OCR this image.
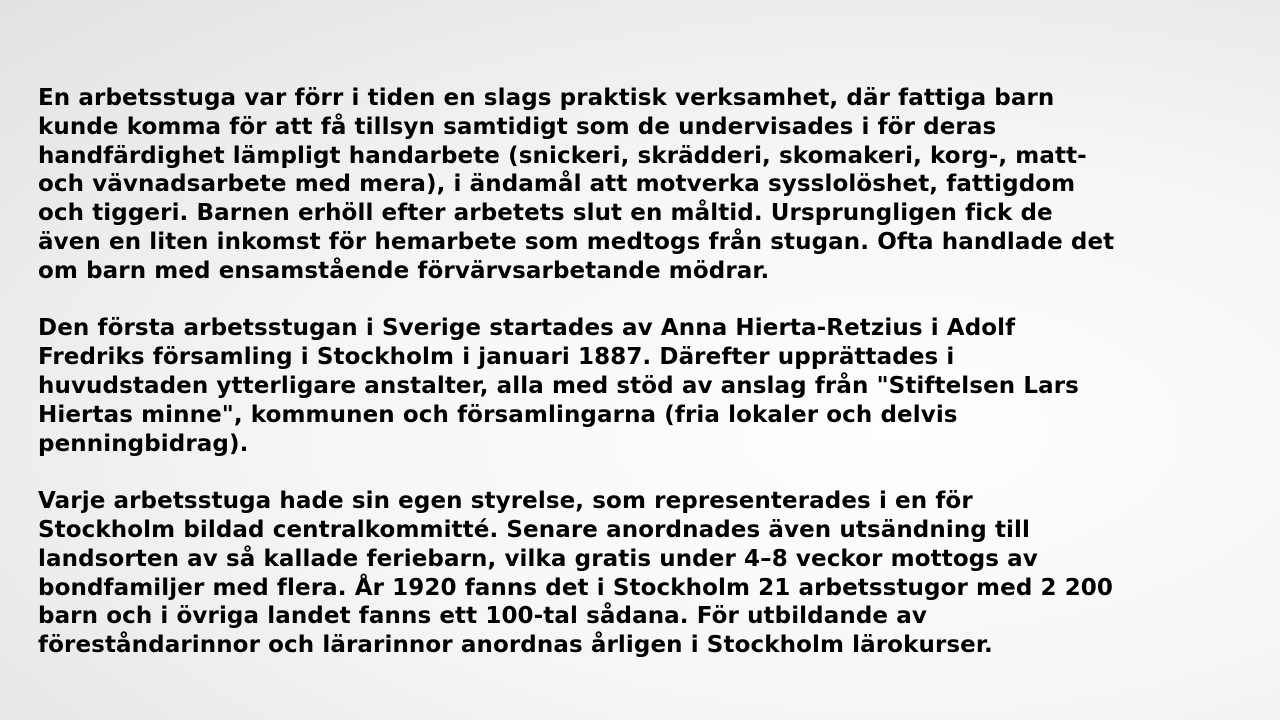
En arbetsstuga var förr i tiden en slags praktisk verksamhet, där fattiga barn
kunde komma för att få tillsyn samtidigt som de undervisades i för deras
handfärdighet lämpligt handarbete (snickeri, skrädderi, skomakeri, korg-, matt-
och vävnadsarbete med mera), i ändamål att motverka sysslolöshet, fattigdom
och tiggeri. Barnen erhöll efter arbetets slut en måltid. Ursprungligen fick de
även en liten inkomst för hemarbete som medtogs från stugan. Ofta handlade det
om barn med ensamstående förvärvsarbetande mödrar.

Den första arbetsstugan i Sverige startades av Anna Hierta-Retzius i Adolf
Fredriks församling i Stockholm i januari 1887. Därefter upprättades i
huvudstaden ytterligare anstalter, alla med stöd av anslag från "Stiftelsen Lars
Hiertas minne", kommunen och församlingarna (fria lokaler och delvis
penningbidrag).

Varje arbetsstuga hade sin egen styrelse, som representerades i en för
Stockholm bildad centralkommitté. Senare anordnades även utsändning till
landsorten av så kallade feriebarn, vilka gratis under 4–8 veckor mottogs av
bondfamiljer med flera. År 1920 fanns det i Stockholm 21 arbetsstugor med 2 200
barn och i övriga landet fanns ett 100-tal sådana. För utbildande av
föreståndarinnor och lärarinnor anordnas årligen i Stockholm lärokurser.
